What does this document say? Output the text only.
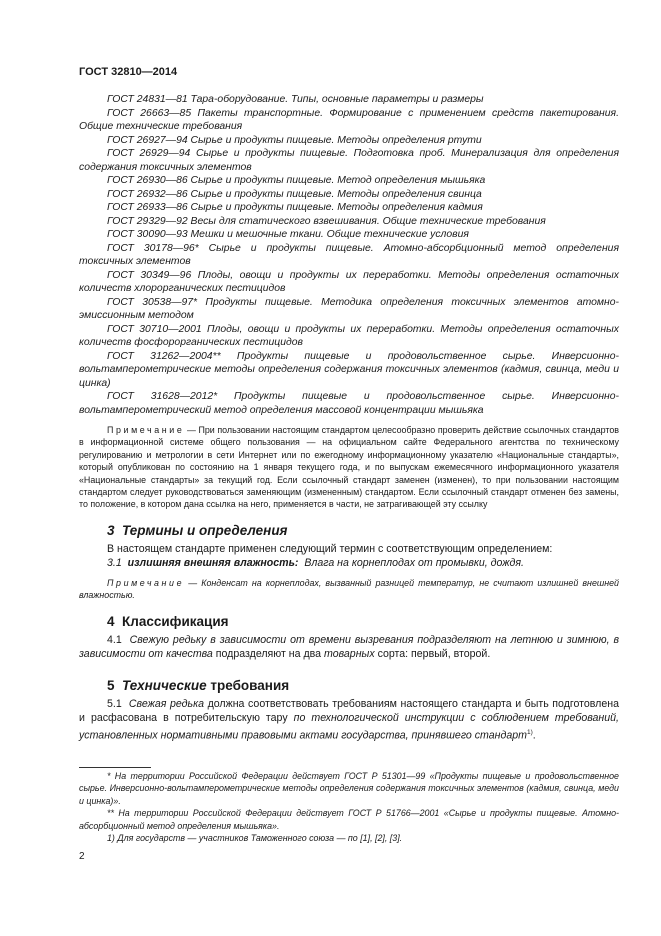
ГОСТ 32810—2014

ГОСТ 24831—81 Тара-оборудование. Типы, основные параметры и размеры

ГОСТ 26663—85 Пакеты транспортные. Формирование с применением средств пакетирования. Общие технические требования

ГОСТ 26927—94 Сырье и продукты пищевые. Методы определения ртути

ГОСТ 26929—94 Сырье и продукты пищевые. Подготовка проб. Минерализация для определения содержания токсичных элементов

ГОСТ 26930—86 Сырье и продукты пищевые. Метод определения мышьяка

ГОСТ 26932—86 Сырье и продукты пищевые. Методы определения свинца

ГОСТ 26933—86 Сырье и продукты пищевые. Методы определения кадмия

ГОСТ 29329—92 Весы для статического взвешивания. Общие технические требования

ГОСТ 30090—93 Мешки и мешочные ткани. Общие технические условия

ГОСТ 30178—96* Сырье и продукты пищевые. Атомно-абсорбционный метод определения токсичных элементов

ГОСТ 30349—96 Плоды, овощи и продукты их переработки. Методы определения остаточных количеств хлорорганических пестицидов

ГОСТ 30538—97* Продукты пищевые. Методика определения токсичных элементов атомно-эмиссионным методом

ГОСТ 30710—2001 Плоды, овощи и продукты их переработки. Методы определения остаточных количеств фосфорорганических пестицидов

ГОСТ 31262—2004** Продукты пищевые и продовольственное сырье. Инверсионно-вольтамперометрические методы определения содержания токсичных элементов (кадмия, свинца, меди и цинка)

ГОСТ 31628—2012* Продукты пищевые и продовольственное сырье. Инверсионно-вольтамперометрический метод определения массовой концентрации мышьяка

Примечание — При пользовании настоящим стандартом целесообразно проверить действие ссылочных стандартов в информационной системе общего пользования — на официальном сайте Федерального агентства по техническому регулированию и метрологии в сети Интернет или по ежегодному информационному указателю «Национальные стандарты», который опубликован по состоянию на 1 января текущего года, и по выпускам ежемесячного информационного указателя «Национальные стандарты» за текущий год. Если ссылочный стандарт заменен (изменен), то при пользовании настоящим стандартом следует руководствоваться заменяющим (измененным) стандартом. Если ссылочный стандарт отменен без замены, то положение, в котором дана ссылка на него, применяется в части, не затрагивающей эту ссылку

3 Термины и определения

В настоящем стандарте применен следующий термин с соответствующим определением:

3.1 излишняя внешняя влажность: Влага на корнеплодах от промывки, дождя.

Примечание — Конденсат на корнеплодах, вызванный разницей температур, не считают излишней внешней влажностью.

4 Классификация

4.1 Свежую редьку в зависимости от времени вызревания подразделяют на летнюю и зимнюю, в зависимости от качества подразделяют на два товарных сорта: первый, второй.

5 Технические требования

5.1 Свежая редька должна соответствовать требованиям настоящего стандарта и быть подготовлена и расфасована в потребительскую тару по технологической инструкции с соблюдением требований, установленных нормативными правовыми актами государства, принявшего стандарт$^{1)}$.

* На территории Российской Федерации действует ГОСТ Р 51301—99 «Продукты пищевые и продовольственное сырье. Инверсионно-вольтамперометрические методы определения содержания токсичных элементов (кадмия, свинца, меди и цинка)».

** На территории Российской Федерации действует ГОСТ Р 51766—2001 «Сырье и продукты пищевые. Атомно-абсорбционный метод определения мышьяка».

1) Для государств — участников Таможенного союза — по [1], [2], [3].

2
